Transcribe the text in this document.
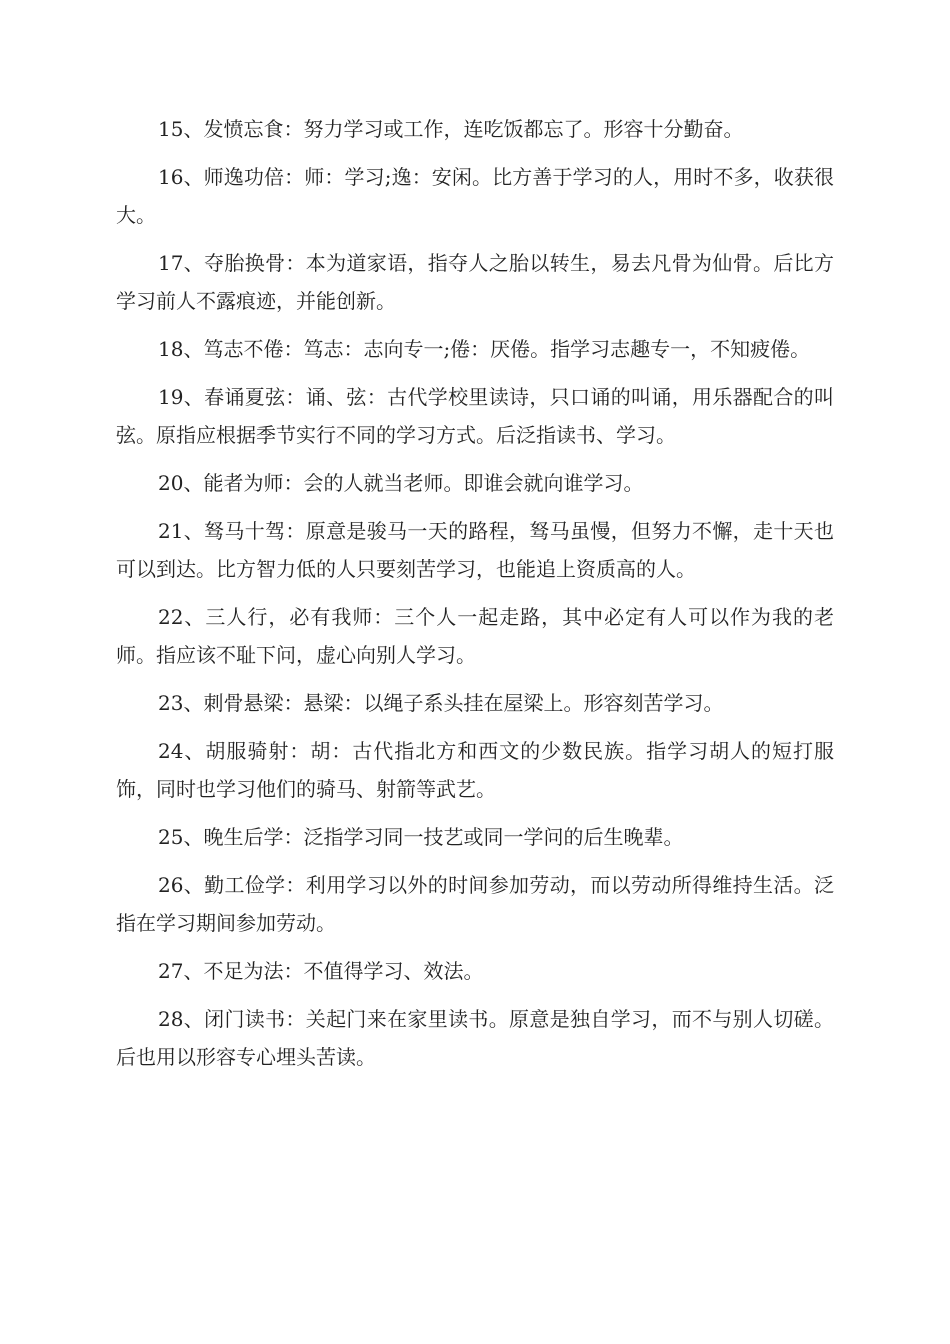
15、发愤忘食：努力学习或工作，连吃饭都忘了。形容十分勤奋。

16、师逸功倍：师：学习;逸：安闲。比方善于学习的人，用时不多，收获很大。

17、夺胎换骨：本为道家语，指夺人之胎以转生，易去凡骨为仙骨。后比方学习前人不露痕迹，并能创新。

18、笃志不倦：笃志：志向专一;倦：厌倦。指学习志趣专一，不知疲倦。

19、春诵夏弦：诵、弦：古代学校里读诗，只口诵的叫诵，用乐器配合的叫弦。原指应根据季节实行不同的学习方式。后泛指读书、学习。

20、能者为师：会的人就当老师。即谁会就向谁学习。

21、驽马十驾：原意是骏马一天的路程，驽马虽慢，但努力不懈，走十天也可以到达。比方智力低的人只要刻苦学习，也能追上资质高的人。

22、三人行，必有我师：三个人一起走路，其中必定有人可以作为我的老师。指应该不耻下问，虚心向别人学习。

23、刺骨悬梁：悬梁：以绳子系头挂在屋梁上。形容刻苦学习。

24、胡服骑射：胡：古代指北方和西文的少数民族。指学习胡人的短打服饰，同时也学习他们的骑马、射箭等武艺。

25、晚生后学：泛指学习同一技艺或同一学问的后生晚辈。

26、勤工俭学：利用学习以外的时间参加劳动，而以劳动所得维持生活。泛指在学习期间参加劳动。

27、不足为法：不值得学习、效法。

28、闭门读书：关起门来在家里读书。原意是独自学习，而不与别人切磋。后也用以形容专心埋头苦读。
